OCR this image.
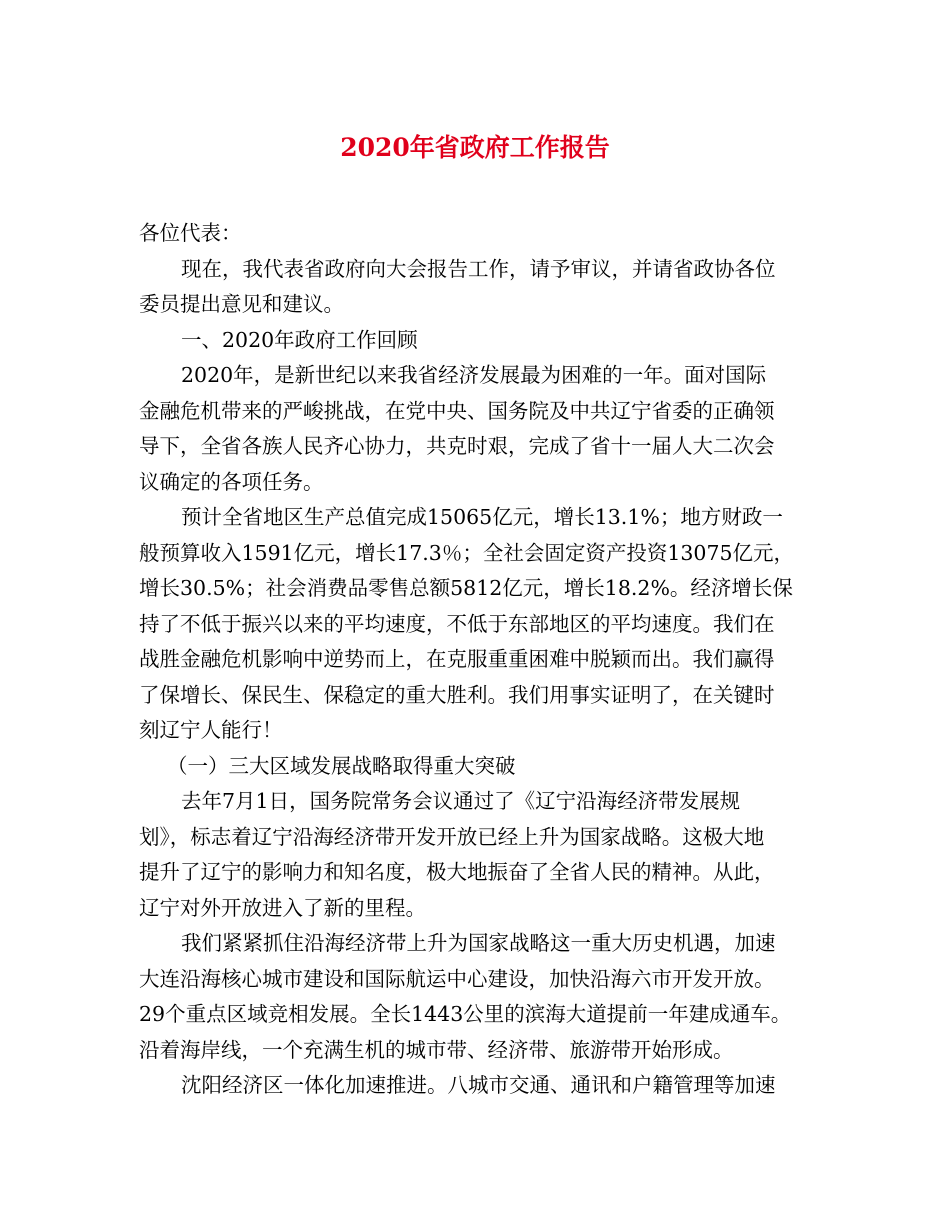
2020年省政府工作报告

各位代表：

现在，我代表省政府向大会报告工作，请予审议，并请省政协各位

委员提出意见和建议。

一、2020年政府工作回顾

2020年，是新世纪以来我省经济发展最为困难的一年。面对国际

金融危机带来的严峻挑战，在党中央、国务院及中共辽宁省委的正确领

导下，全省各族人民齐心协力，共克时艰，完成了省十一届人大二次会

议确定的各项任务。

预计全省地区生产总值完成15065亿元，增长13.1%；地方财政一

般预算收入1591亿元，增长17.3％；全社会固定资产投资13075亿元，

增长30.5%；社会消费品零售总额5812亿元，增长18.2%。经济增长保

持了不低于振兴以来的平均速度，不低于东部地区的平均速度。我们在

战胜金融危机影响中逆势而上，在克服重重困难中脱颖而出。我们赢得

了保增长、保民生、保稳定的重大胜利。我们用事实证明了，在关键时

刻辽宁人能行！

（一）三大区域发展战略取得重大突破

去年7月1日，国务院常务会议通过了《辽宁沿海经济带发展规

划》，标志着辽宁沿海经济带开发开放已经上升为国家战略。这极大地

提升了辽宁的影响力和知名度，极大地振奋了全省人民的精神。从此，

辽宁对外开放进入了新的里程。

我们紧紧抓住沿海经济带上升为国家战略这一重大历史机遇，加速

大连沿海核心城市建设和国际航运中心建设，加快沿海六市开发开放。

29个重点区域竞相发展。全长1443公里的滨海大道提前一年建成通车。

沿着海岸线，一个充满生机的城市带、经济带、旅游带开始形成。

沈阳经济区一体化加速推进。八城市交通、通讯和户籍管理等加速
